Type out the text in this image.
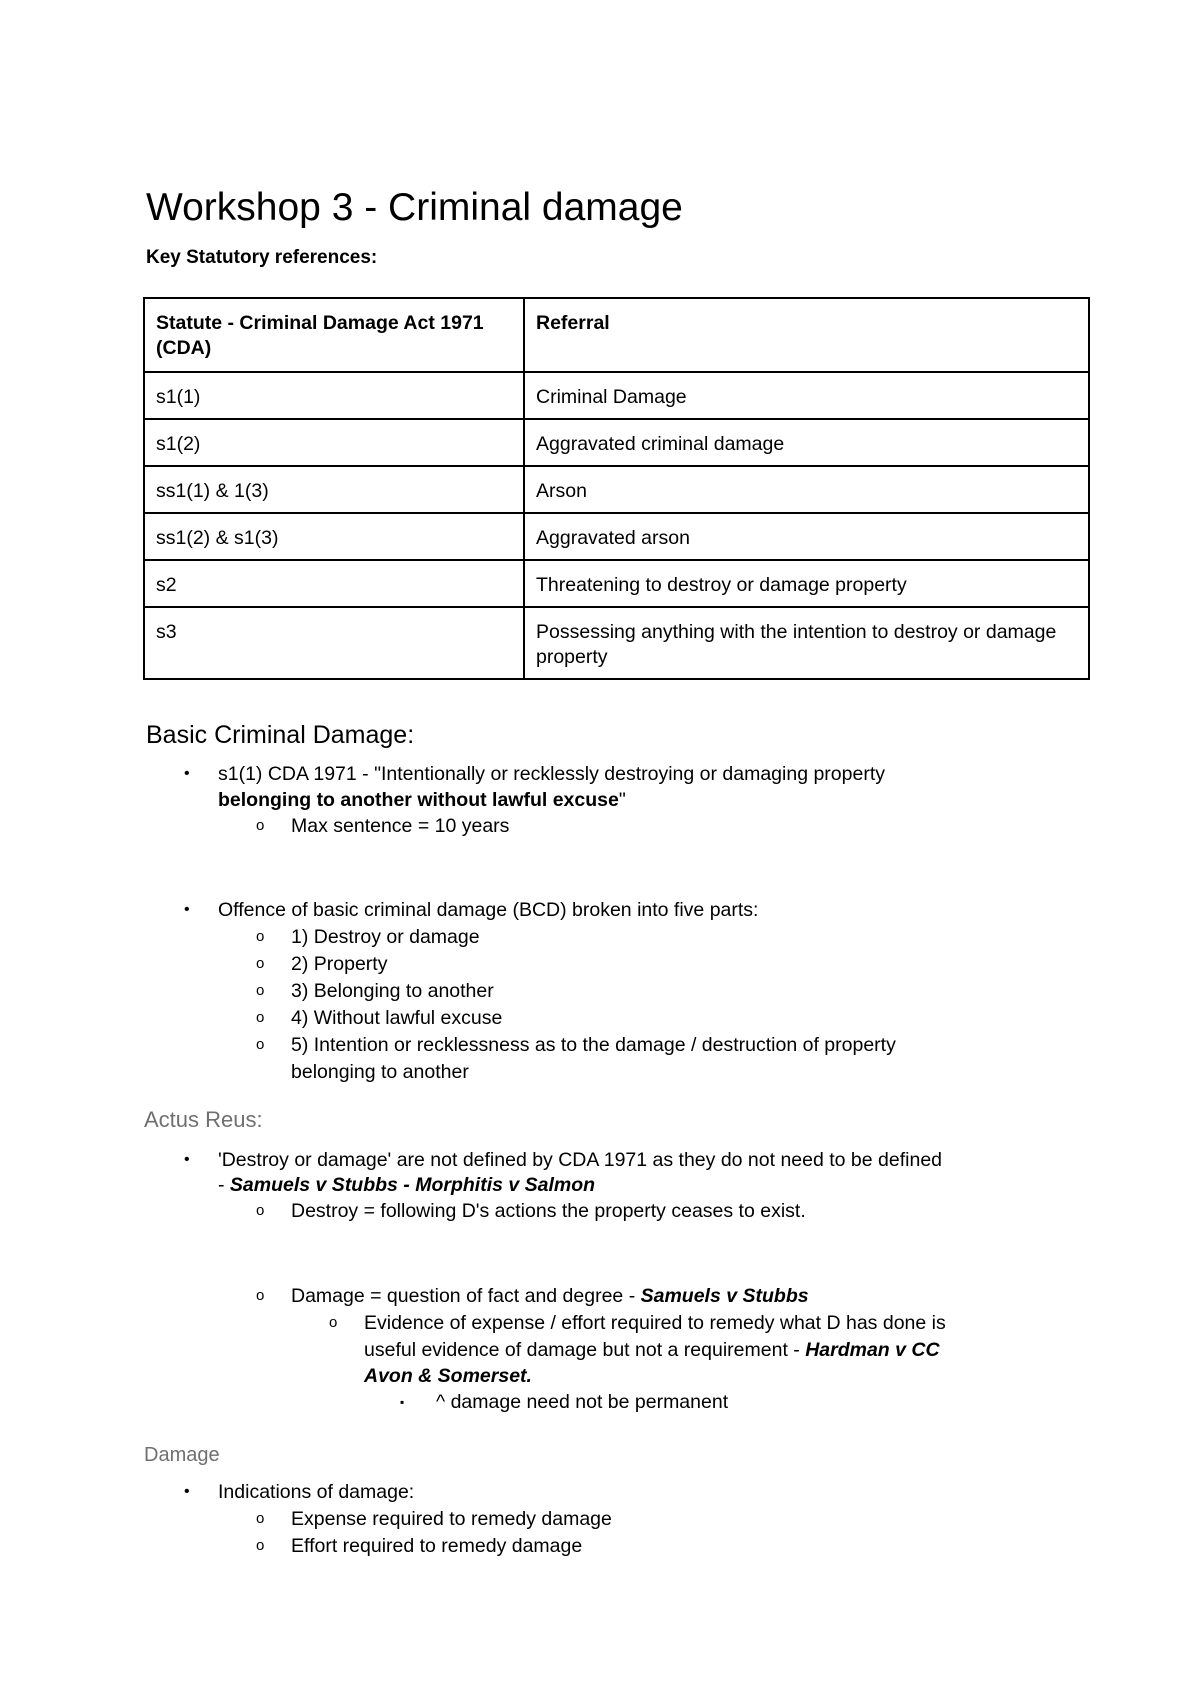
Workshop 3 - Criminal damage
Key Statutory references:
Statute - Criminal Damage Act 1971 (CDA)	Referral
s1(1)	Criminal Damage
s1(2)	Aggravated criminal damage
ss1(1) & 1(3)	Arson
ss1(2) & s1(3)	Aggravated arson
s2	Threatening to destroy or damage property
s3	Possessing anything with the intention to destroy or damage property
Basic Criminal Damage:
• s1(1) CDA 1971 - "Intentionally or recklessly destroying or damaging property
belonging to another without lawful excuse"
o Max sentence = 10 years
• Offence of basic criminal damage (BCD) broken into five parts:
o 1) Destroy or damage
o 2) Property
o 3) Belonging to another
o 4) Without lawful excuse
o 5) Intention or recklessness as to the damage / destruction of property
belonging to another
Actus Reus:
• 'Destroy or damage' are not defined by CDA 1971 as they do not need to be defined
- Samuels v Stubbs - Morphitis v Salmon
o Destroy = following D's actions the property ceases to exist.
o Damage = question of fact and degree - Samuels v Stubbs
o Evidence of expense / effort required to remedy what D has done is
useful evidence of damage but not a requirement - Hardman v CC
Avon & Somerset.
▪ ^ damage need not be permanent
Damage
• Indications of damage:
o Expense required to remedy damage
o Effort required to remedy damage
